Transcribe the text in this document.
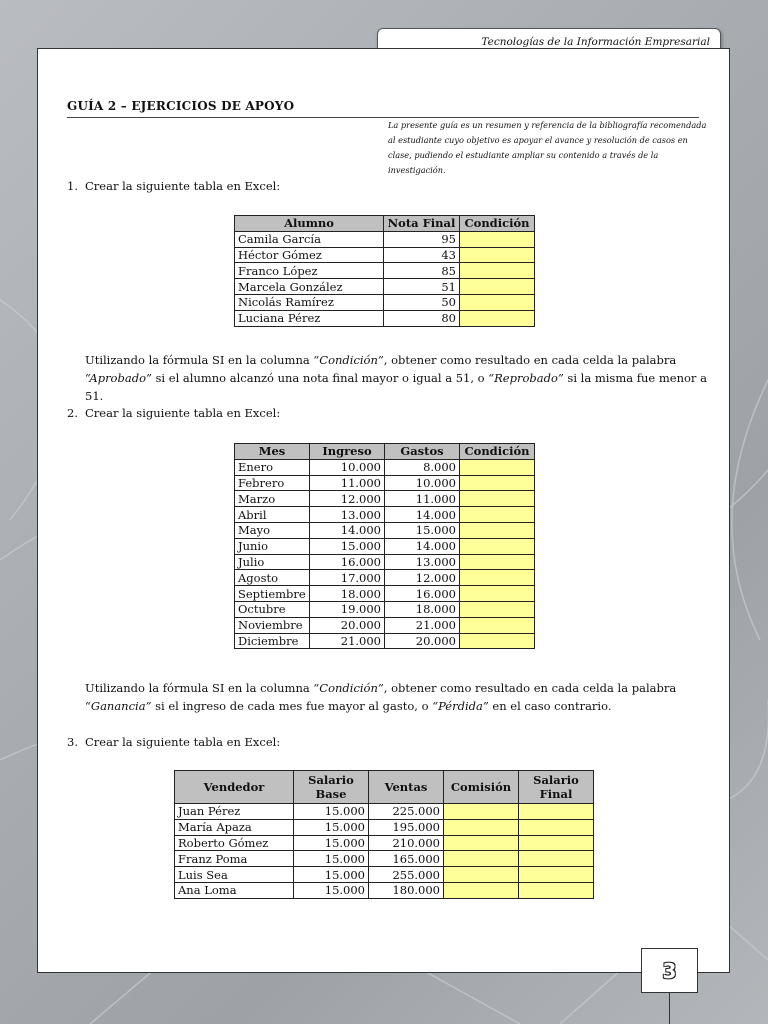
Tecnologías de la Información Empresarial
GUÍA 2 – EJERCICIOS DE APOYO
La presente guía es un resumen y referencia de la bibliografía recomendada al estudiante cuyo objetivo es apoyar el avance y resolución de casos en clase, pudiendo el estudiante ampliar su contenido a través de la investigación.
1. Crear la siguiente tabla en Excel:
Alumno	Nota Final	Condición
Camila García	95	
Héctor Gómez	43	
Franco López	85	
Marcela González	51	
Nicolás Ramírez	50	
Luciana Pérez	80	
Utilizando la fórmula SI en la columna “Condición”, obtener como resultado en cada celda la palabra “Aprobado” si el alumno alcanzó una nota final mayor o igual a 51, o “Reprobado” si la misma fue menor a 51.
2. Crear la siguiente tabla en Excel:
Mes	Ingreso	Gastos	Condición
Enero	10.000	8.000	
Febrero	11.000	10.000	
Marzo	12.000	11.000	
Abril	13.000	14.000	
Mayo	14.000	15.000	
Junio	15.000	14.000	
Julio	16.000	13.000	
Agosto	17.000	12.000	
Septiembre	18.000	16.000	
Octubre	19.000	18.000	
Noviembre	20.000	21.000	
Diciembre	21.000	20.000	
Utilizando la fórmula SI en la columna “Condición”, obtener como resultado en cada celda la palabra “Ganancia” si el ingreso de cada mes fue mayor al gasto, o “Pérdida” en el caso contrario.
3. Crear la siguiente tabla en Excel:
Vendedor	Salario Base	Ventas	Comisión	Salario Final
Juan Pérez	15.000	225.000		
María Apaza	15.000	195.000		
Roberto Gómez	15.000	210.000		
Franz Poma	15.000	165.000		
Luis Sea	15.000	255.000		
Ana Loma	15.000	180.000		
3
